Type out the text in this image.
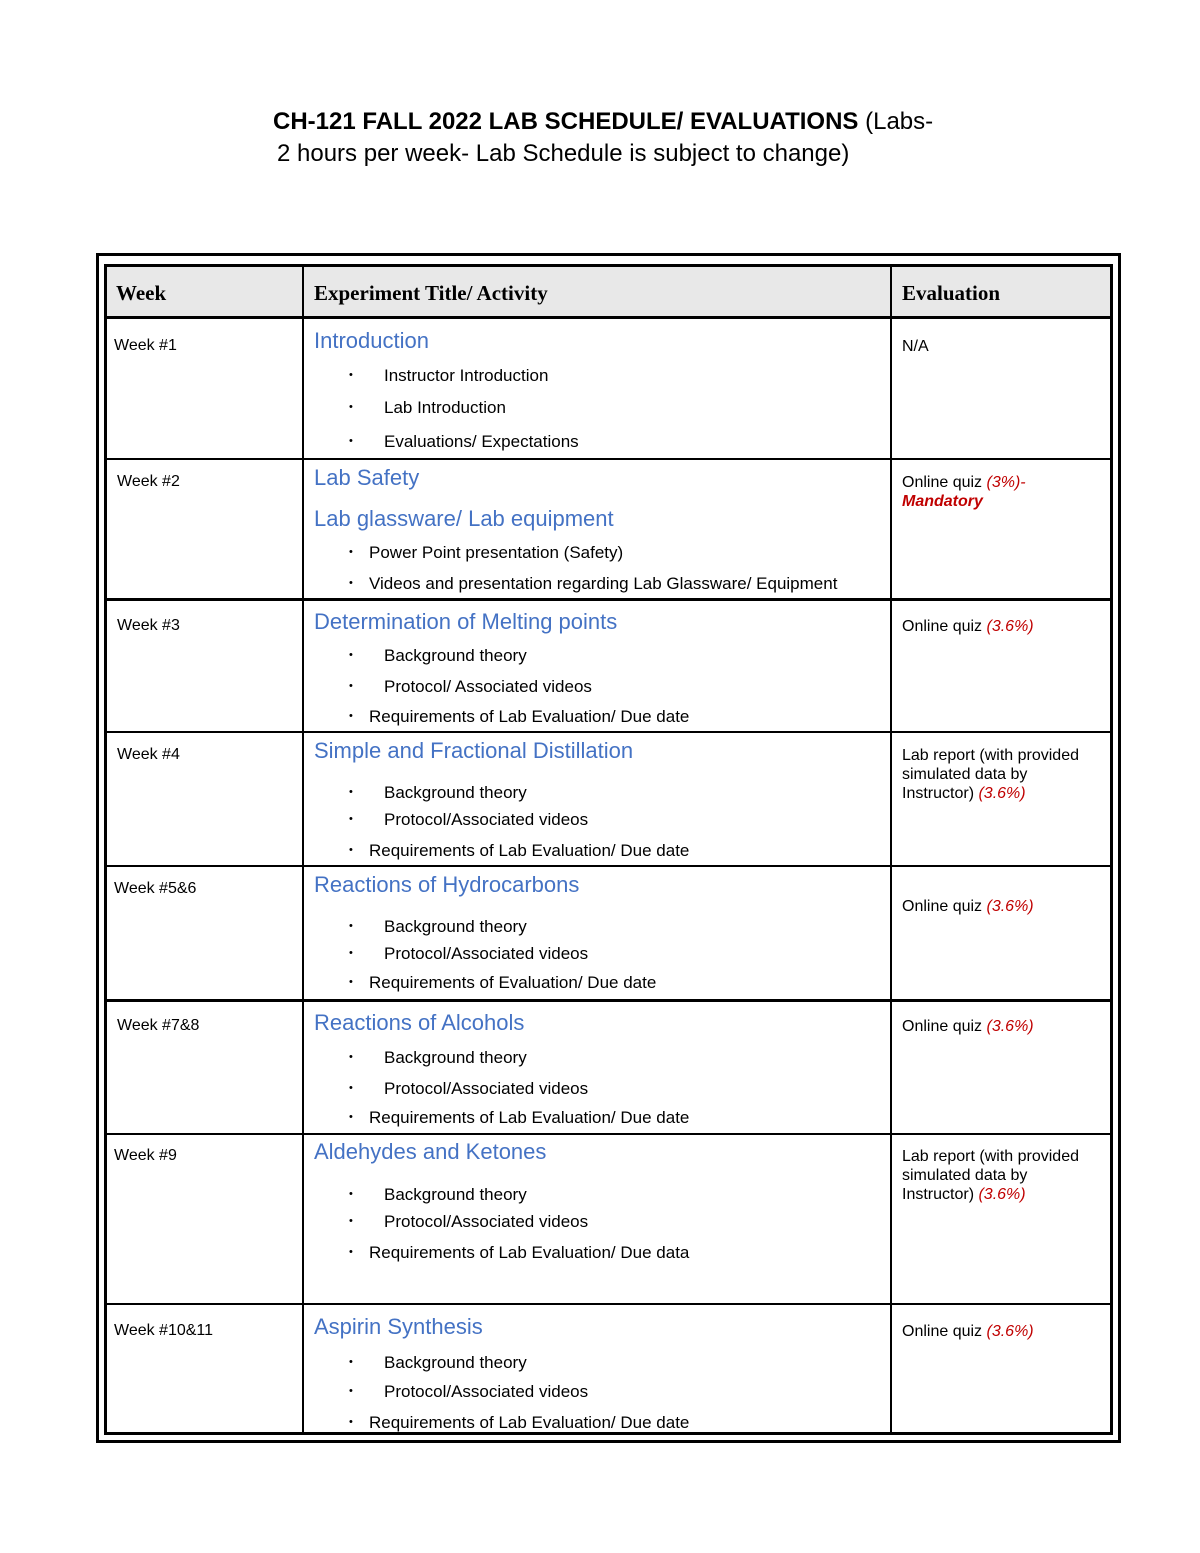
CH-121 FALL 2022 LAB SCHEDULE/ EVALUATIONS (Labs-
2 hours per week- Lab Schedule is subject to change)
Week	Experiment Title/ Activity	Evaluation
Week #1	Introduction
• Instructor Introduction
• Lab Introduction
• Evaluations/ Expectations
N/A
Week #2	Lab Safety
Lab glassware/ Lab equipment
• Power Point presentation (Safety)
• Videos and presentation regarding Lab Glassware/ Equipment
Online quiz (3%)-
Mandatory
Week #3	Determination of Melting points
• Background theory
• Protocol/ Associated videos
• Requirements of Lab Evaluation/ Due date
Online quiz (3.6%)
Week #4	Simple and Fractional Distillation
• Background theory
• Protocol/Associated videos
• Requirements of Lab Evaluation/ Due date
Lab report (with provided simulated data by Instructor) (3.6%)
Week #5&6	Reactions of Hydrocarbons
• Background theory
• Protocol/Associated videos
• Requirements of Evaluation/ Due date
Online quiz (3.6%)
Week #7&8	Reactions of Alcohols
• Background theory
• Protocol/Associated videos
• Requirements of Lab Evaluation/ Due date
Online quiz (3.6%)
Week #9	Aldehydes and Ketones
• Background theory
• Protocol/Associated videos
• Requirements of Lab Evaluation/ Due data
Lab report (with provided simulated data by Instructor) (3.6%)
Week #10&11	Aspirin Synthesis
• Background theory
• Protocol/Associated videos
• Requirements of Lab Evaluation/ Due date
Online quiz (3.6%)
